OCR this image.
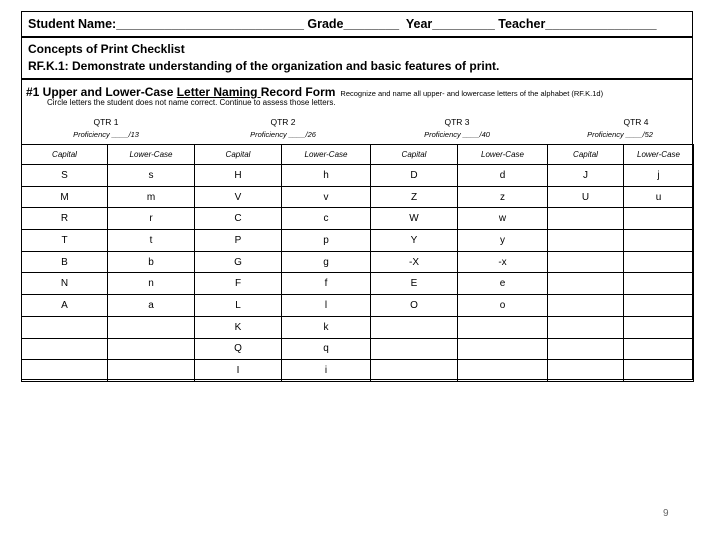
Student Name:___________________________ Grade________  Year_________ Teacher________________
Concepts of Print Checklist
RF.K.1: Demonstrate understanding of the organization and basic features of print.
#1 Upper and Lower-Case Letter Naming Record Form Recognize and name all upper- and lowercase letters of the alphabet (RF.K.1d)
Circle letters the student does not name correct. Continue to assess those letters.
QTR 1
Proficiency ____/13
QTR 2
Proficiency ____/26
QTR 3
Proficiency ____/40
QTR 4
Proficiency ____/52
Capital	Lower-Case	Capital	Lower-Case	Capital	Lower-Case	Capital	Lower-Case
S	s	H	h	D	d	J	j
M	m	V	v	Z	z	U	u
R	r	C	c	W	w		
T	t	P	p	Y	y		
B	b	G	g	-X	-x		
N	n	F	f	E	e		
A	a	L	l	O	o		
		K	k				
		Q	q				
		I	i				
9
